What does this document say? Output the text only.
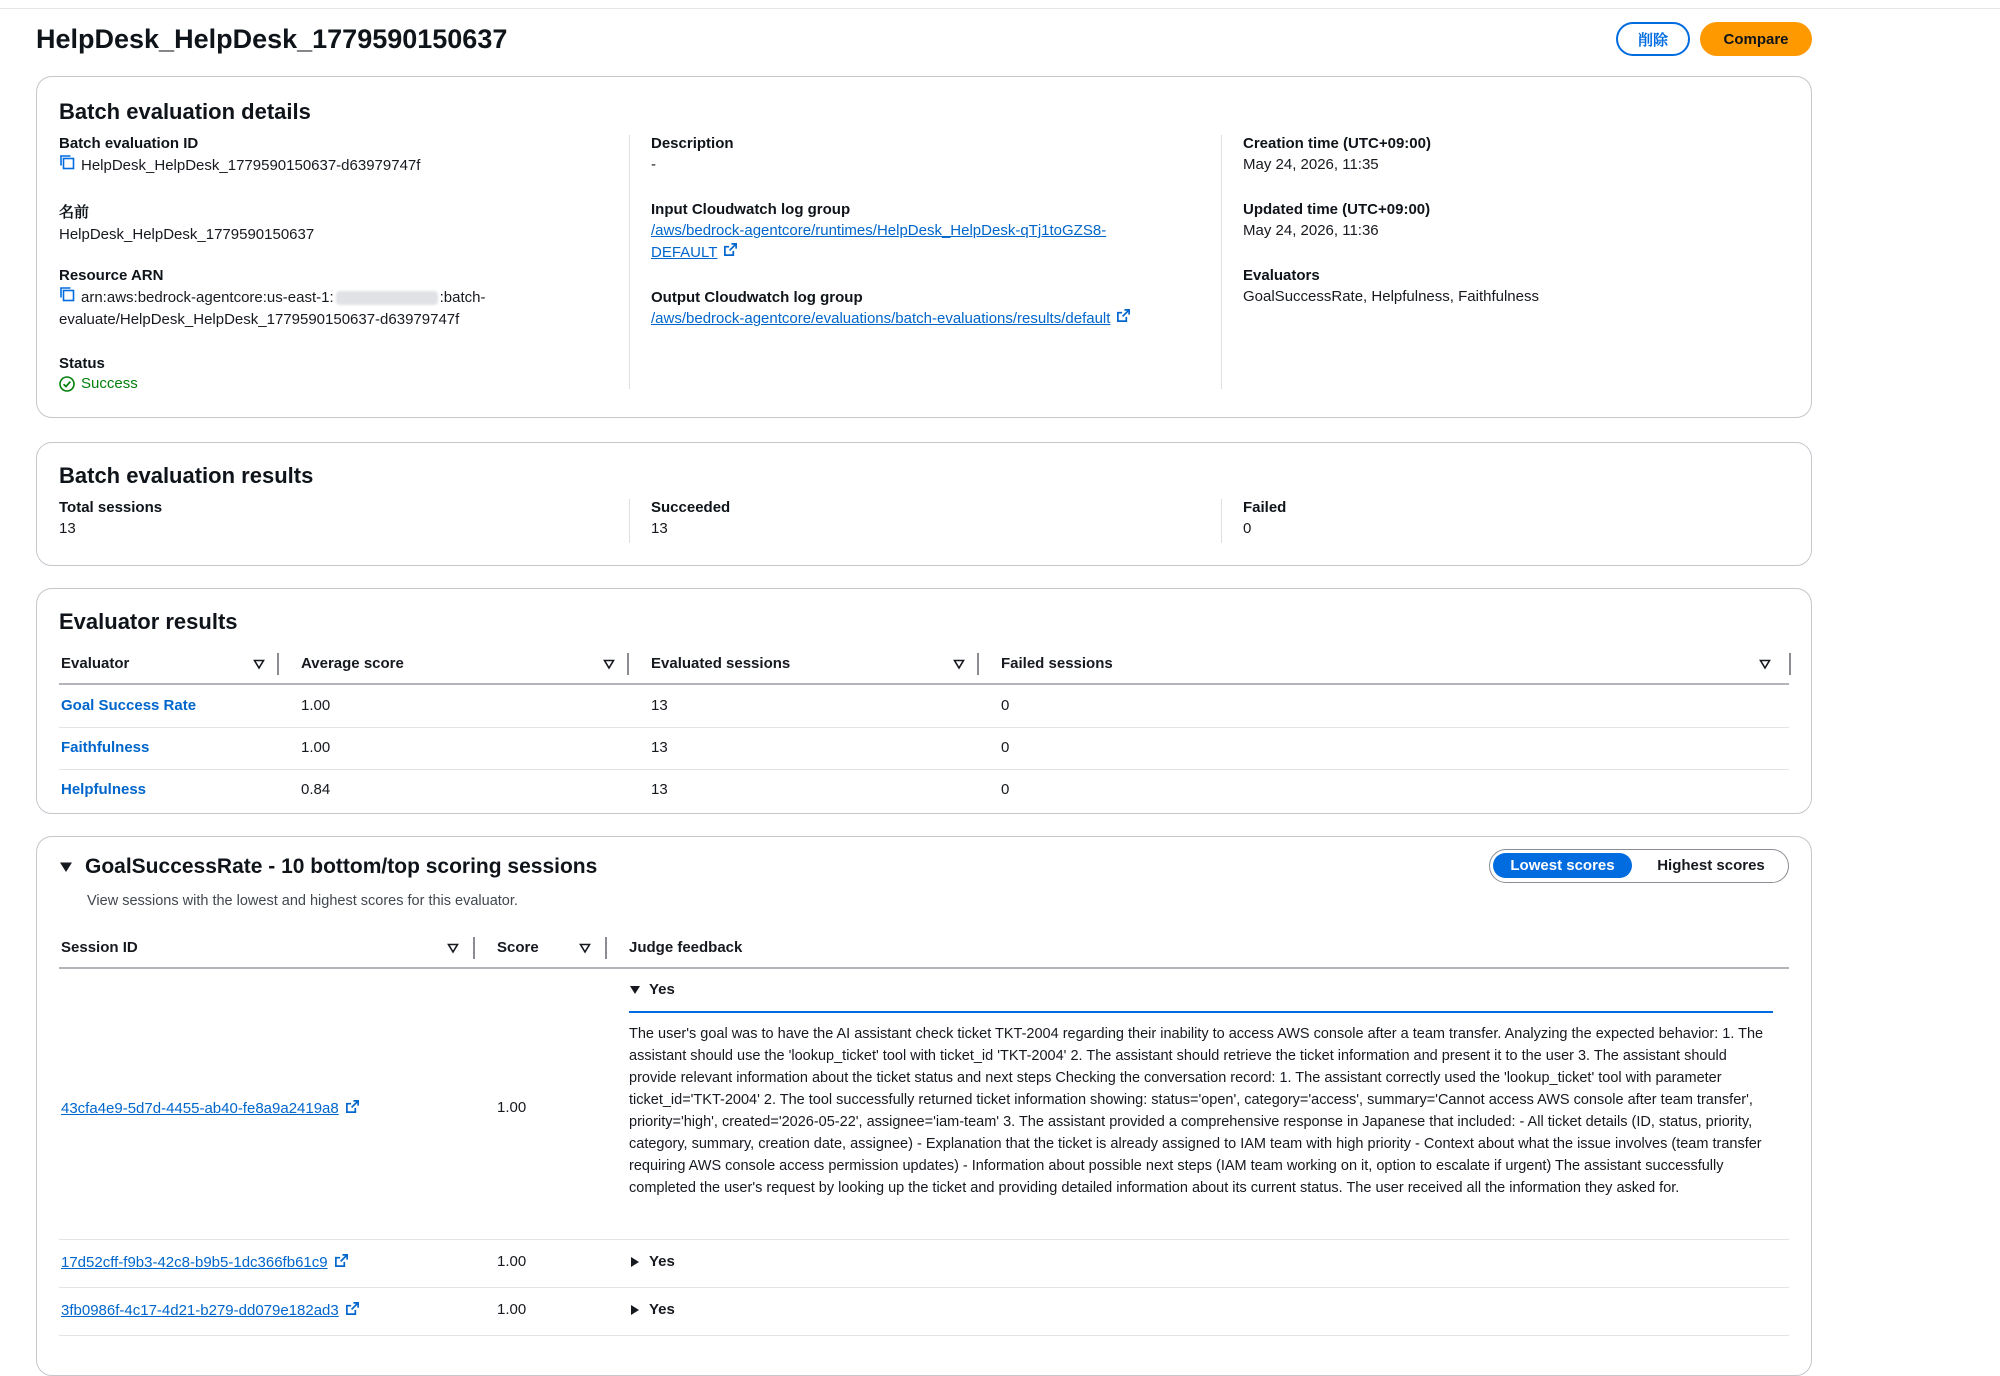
HelpDesk_HelpDesk_1779590150637	削除	Compare
Batch evaluation details
Batch evaluation ID
HelpDesk_HelpDesk_1779590150637-d63979747f
名前
HelpDesk_HelpDesk_1779590150637
Resource ARN
arn:aws:bedrock-agentcore:us-east-1:	:batch-
evaluate/HelpDesk_HelpDesk_1779590150637-d63979747f
Status
Success
Description
-
Input Cloudwatch log group
/aws/bedrock-agentcore/runtimes/HelpDesk_HelpDesk-qTj1toGZS8-
DEFAULT
Output Cloudwatch log group
/aws/bedrock-agentcore/evaluations/batch-evaluations/results/default
Creation time (UTC+09:00)
May 24, 2026, 11:35
Updated time (UTC+09:00)
May 24, 2026, 11:36
Evaluators
GoalSuccessRate, Helpfulness, Faithfulness
Batch evaluation results
Total sessions
13
Succeeded
13
Failed
0
Evaluator results
Evaluator	Average score	Evaluated sessions	Failed sessions
Goal Success Rate	1.00	13	0
Faithfulness	1.00	13	0
Helpfulness	0.84	13	0
GoalSuccessRate - 10 bottom/top scoring sessions
View sessions with the lowest and highest scores for this evaluator.
Lowest scores	Highest scores
Session ID	Score	Judge feedback
43cfa4e9-5d7d-4455-ab40-fe8a9a2419a8	1.00
Yes
The user's goal was to have the AI assistant check ticket TKT-2004 regarding their inability to access AWS console after a team transfer. Analyzing the expected behavior: 1. The assistant should use the 'lookup_ticket' tool with ticket_id 'TKT-2004' 2. The assistant should retrieve the ticket information and present it to the user 3. The assistant should provide relevant information about the ticket status and next steps Checking the conversation record: 1. The assistant correctly used the 'lookup_ticket' tool with parameter ticket_id='TKT-2004' 2. The tool successfully returned ticket information showing: status='open', category='access', summary='Cannot access AWS console after team transfer', priority='high', created='2026-05-22', assignee='iam-team' 3. The assistant provided a comprehensive response in Japanese that included: - All ticket details (ID, status, priority, category, summary, creation date, assignee) - Explanation that the ticket is already assigned to IAM team with high priority - Context about what the issue involves (team transfer requiring AWS console access permission updates) - Information about possible next steps (IAM team working on it, option to escalate if urgent) The assistant successfully completed the user's request by looking up the ticket and providing detailed information about its current status. The user received all the information they asked for.
17d52cff-f9b3-42c8-b9b5-1dc366fb61c9	1.00	Yes
3fb0986f-4c17-4d21-b279-dd079e182ad3	1.00	Yes
